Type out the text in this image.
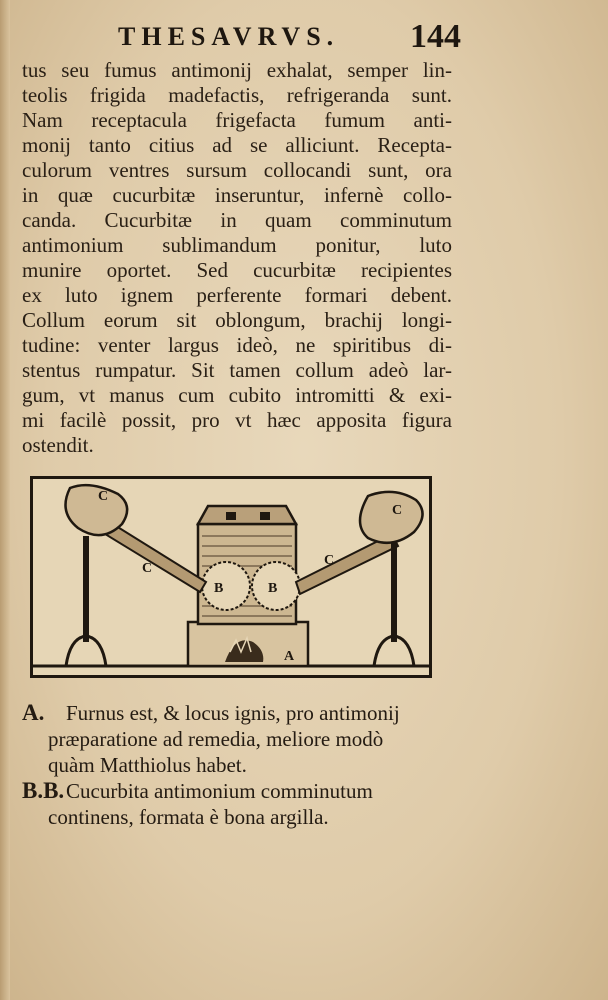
THESAVRVS. 144
tus seu fumus antimonij exhalat, semper lin-
teolis frigida madefactis, refrigeranda sunt.
Nam receptacula frigefacta fumum anti-
monij tanto citius ad se alliciunt. Recepta-
culorum ventres sursum collocandi sunt, ora
in quæ cucurbitæ inseruntur, infernè collo-
canda. Cucurbitæ in quam comminutum
antimonium sublimandum ponitur, luto
munire oportet. Sed cucurbitæ recipientes
ex luto ignem perferente formari debent.
Collum eorum sit oblongum, brachij longi-
tudine: venter largus ideò, ne spiritibus di-
stentus rumpatur. Sit tamen collum adeò lar-
gum, vt manus cum cubito intromitti & exi-
mi facilè possit, pro vt hæc apposita figura
ostendit.
C
C
C
C
B	B
A
A. Furnus est, & locus ignis, pro antimonij
præparatione ad remedia, meliore modò
quàm Matthiolus habet.
B.B.Cucurbita antimonium comminutum
continens, formata è bona argilla.
